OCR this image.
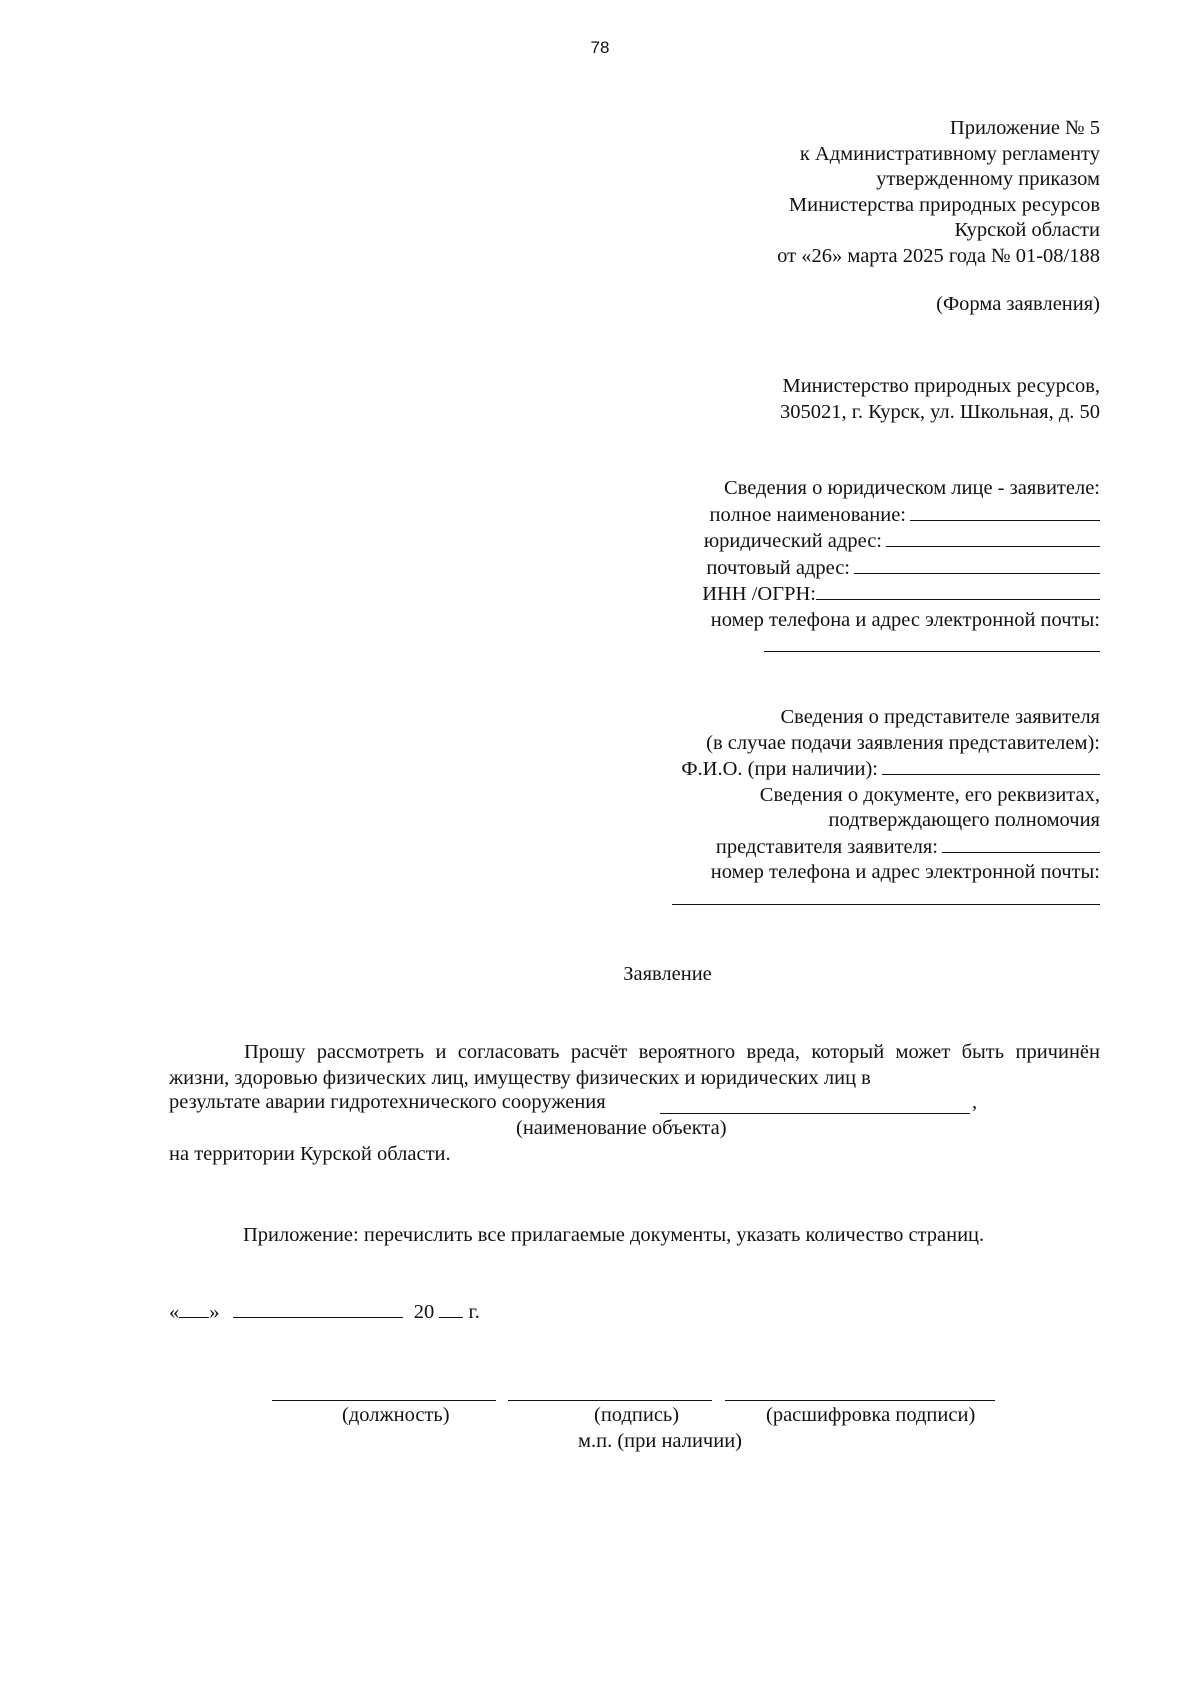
78
Приложение № 5
к Административному регламенту
утвержденному приказом
Министерства природных ресурсов
Курской области
от «26» марта 2025 года № 01-08/188
(Форма заявления)
Министерство природных ресурсов,
305021, г. Курск, ул. Школьная, д. 50
Сведения о юридическом лице - заявителе:
полное наименование:
юридический адрес:
почтовый адрес:
ИНН /ОГРН:
номер телефона и адрес электронной почты:
Сведения о представителе заявителя
(в случае подачи заявления представителем):
Ф.И.О. (при наличии):
Сведения о документе, его реквизитах,
подтверждающего полномочия
представителя заявителя:
номер телефона и адрес электронной почты:
Заявление
Прошу рассмотреть и согласовать расчёт вероятного вреда, который может быть причинён жизни, здоровью физических лиц, имуществу физических и юридических лиц в
результате аварии гидротехнического сооружения	,
(наименование объекта)
на территории Курской области.
Приложение: перечислить все прилагаемые документы, указать количество страниц.
« »	20 г.
(должность)	(подпись)	(расшифровка подписи)
м.п. (при наличии)
